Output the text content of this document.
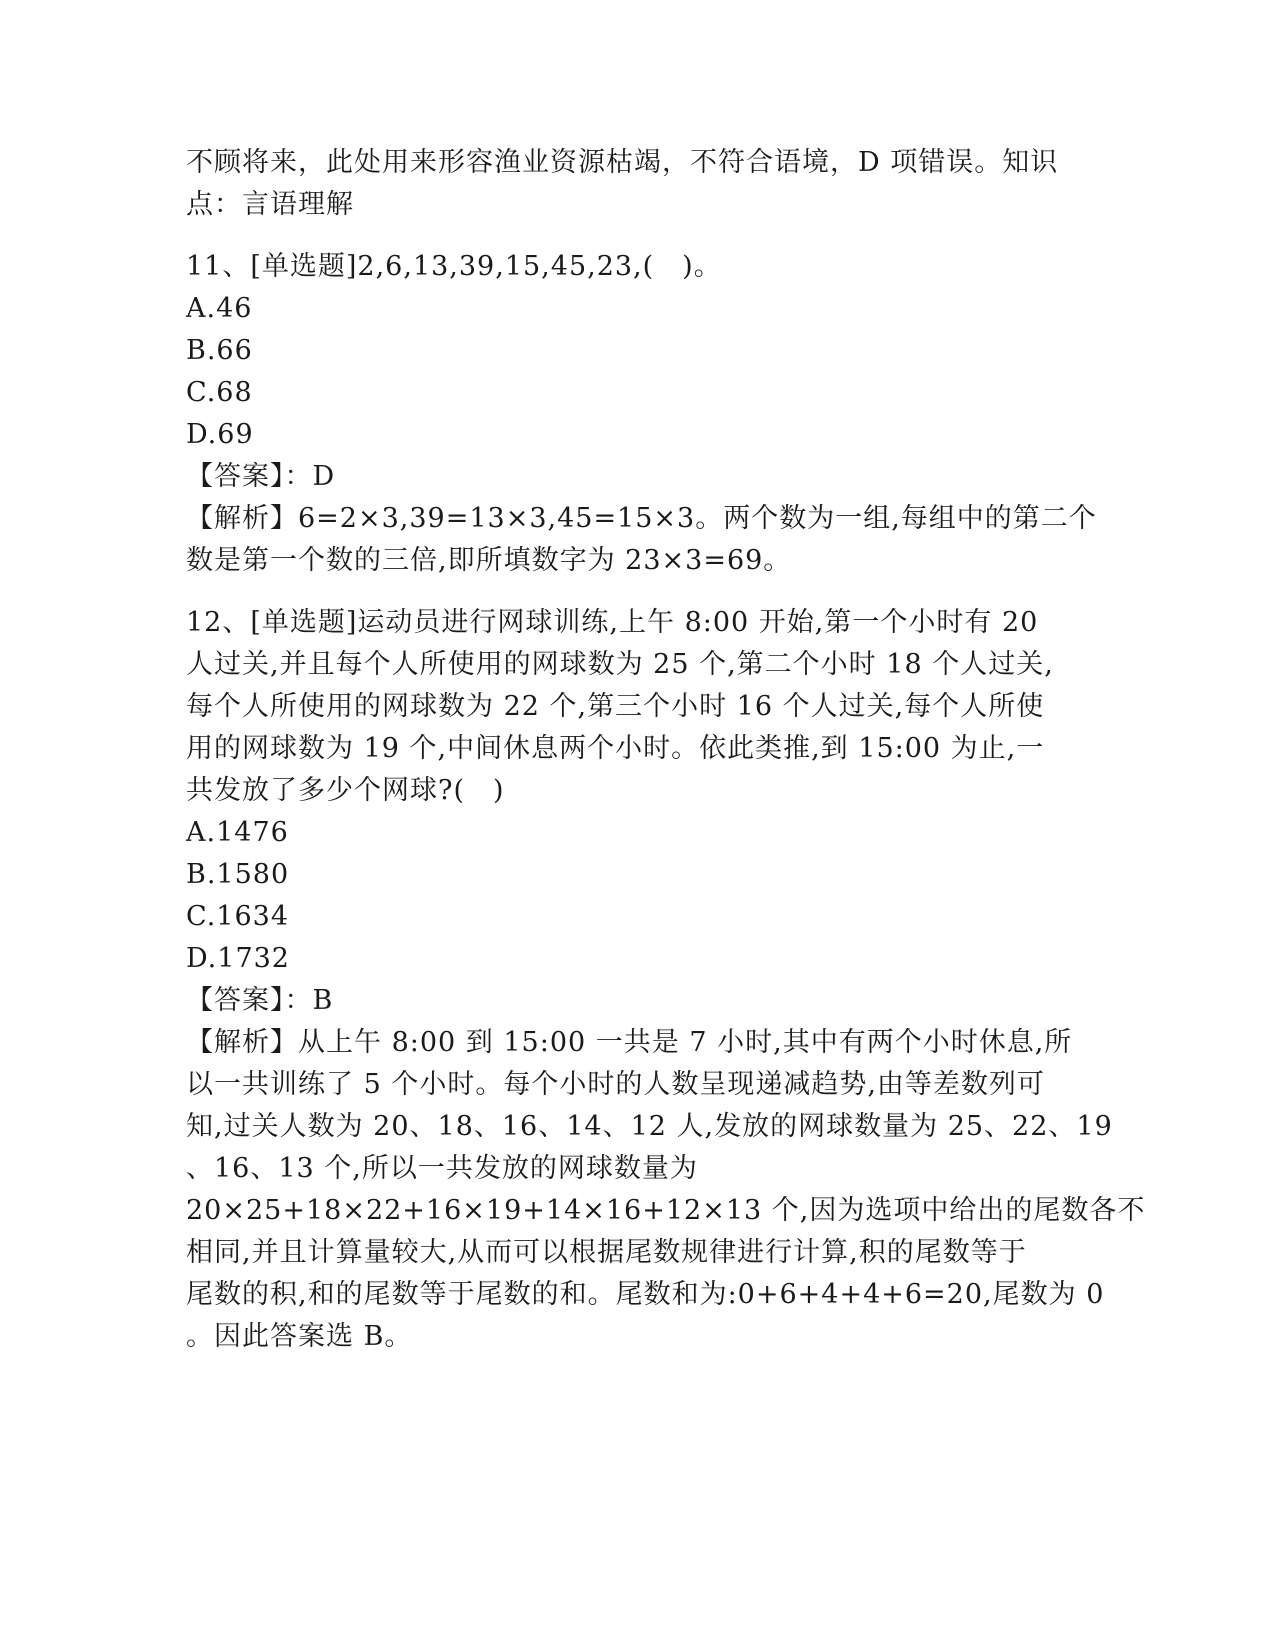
不顾将来，此处用来形容渔业资源枯竭，不符合语境，D 项错误。知识
点：言语理解
11、[单选题]2,6,13,39,15,45,23,(　)。
A.46
B.66
C.68
D.69
【答案】：D
【解析】6=2×3,39=13×3,45=15×3。两个数为一组,每组中的第二个
数是第一个数的三倍,即所填数字为 23×3=69。
12、[单选题]运动员进行网球训练,上午 8:00 开始,第一个小时有 20
人过关,并且每个人所使用的网球数为 25 个,第二个小时 18 个人过关,
每个人所使用的网球数为 22 个,第三个小时 16 个人过关,每个人所使
用的网球数为 19 个,中间休息两个小时。依此类推,到 15:00 为止,一
共发放了多少个网球?(　)
A.1476
B.1580
C.1634
D.1732
【答案】：B
【解析】从上午 8:00 到 15:00 一共是 7 小时,其中有两个小时休息,所
以一共训练了 5 个小时。每个小时的人数呈现递减趋势,由等差数列可
知,过关人数为 20、18、16、14、12 人,发放的网球数量为 25、22、19
、16、13 个,所以一共发放的网球数量为
20×25+18×22+16×19+14×16+12×13 个,因为选项中给出的尾数各不
相同,并且计算量较大,从而可以根据尾数规律进行计算,积的尾数等于
尾数的积,和的尾数等于尾数的和。尾数和为:0+6+4+4+6=20,尾数为 0
。因此答案选 B。
